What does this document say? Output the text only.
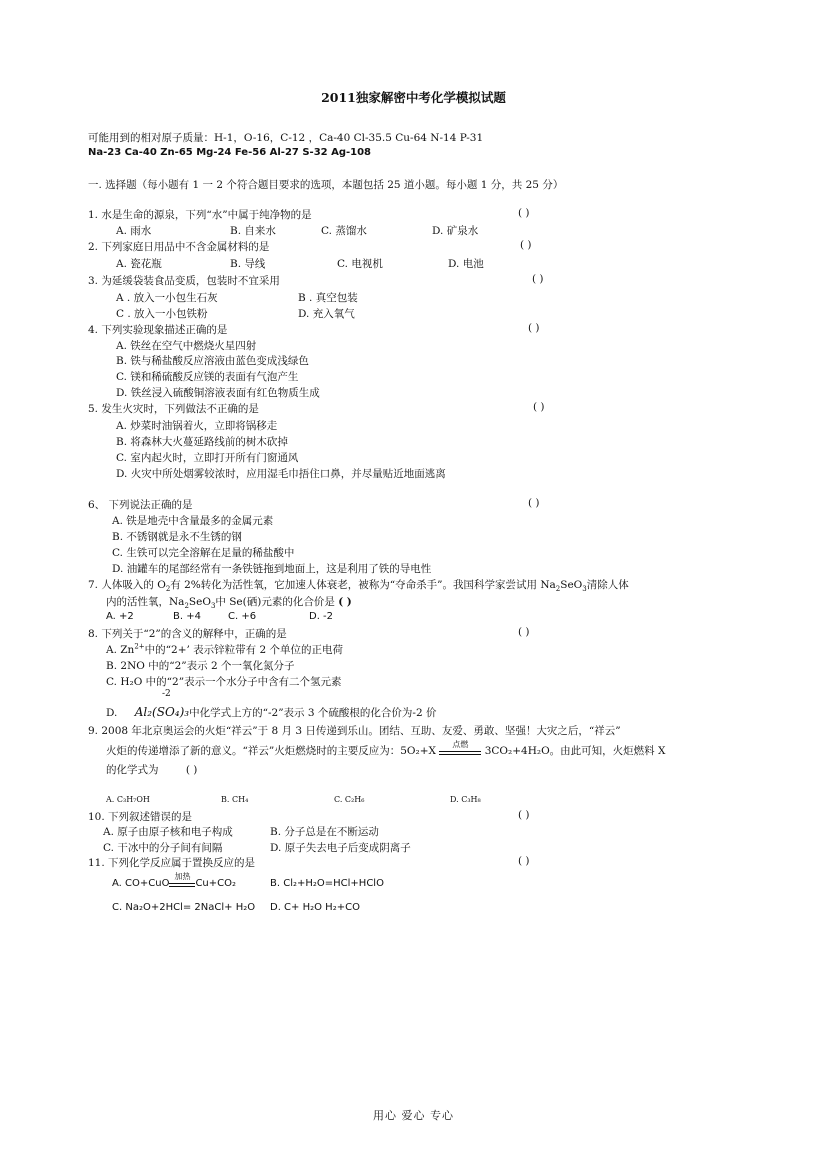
2011独家解密中考化学模拟试题
可能用到的相对原子质量：H-1，O-16，C-12 ，Ca-40 Cl-35.5 Cu-64 N-14 P-31
Na-23 Ca-40 Zn-65 Mg-24 Fe-56 Al-27 S-32 Ag-108
一. 选择题（每小题有 1 一 2 个符合题目要求的选项，本题包括 25 道小题。每小题 1 分，共 25 分）
1. 水是生命的源泉，下列“水”中属于纯净物的是	( )
A. 雨水	B. 自来水	C. 蒸馏水	D. 矿泉水
2. 下列家庭日用品中不含金属材料的是	( )
A. 瓷花瓶	B. 导线	C. 电视机	D. 电池
3. 为延缓袋装食品变质，包装时不宜采用	( )
A . 放入一小包生石灰	B . 真空包装
C . 放入一小包铁粉	D. 充入氧气
4. 下列实验现象描述正确的是	( )
A. 铁丝在空气中燃烧火星四射
B. 铁与稀盐酸反应溶液由蓝色变成浅绿色
C. 镁和稀硫酸反应镁的表面有气泡产生
D. 铁丝浸入硫酸铜溶液表面有红色物质生成
5. 发生火灾时，下列做法不正确的是	( )
A. 炒菜时油锅着火，立即将锅移走
B. 将森林大火蔓延路线前的树木砍掉
C. 室内起火时，立即打开所有门窗通风
D. 火灾中所处烟雾较浓时，应用湿毛巾捂住口鼻，并尽量贴近地面逃离
6、 下列说法正确的是	( )
A. 铁是地壳中含量最多的金属元素
B. 不锈钢就是永不生锈的钢
C. 生铁可以完全溶解在足量的稀盐酸中
D. 油罐车的尾部经常有一条铁链拖到地面上，这是利用了铁的导电性
7. 人体吸入的 $O_2$有 2%转化为活性氧，它加速人体衰老，被称为“夺命杀手”。我国科学家尝试用 $Na_2SeO_3$清除人体
内的活性氧，$Na_2SeO_3$中 Se(硒)元素的化合价是 ( )
A. +2	B. +4	C. +6	D. -2
8. 下列关于“2”的含义的解释中，正确的是	( )
A. $Zn^{2+}$中的“2+’ 表示锌粒带有 2 个单位的正电荷
B. 2NO 中的“2”表示 2 个一氧化氮分子
C. H₂O 中的“2”表示一个水分子中含有二个氢元素
-2
D. Al₂(SO₄)₃中化学式上方的“-2”表示 3 个硫酸根的化合价为-2 价
9. 2008 年北京奥运会的火炬“祥云”于 8 月 3 日传递到乐山。团结、互助、友爱、勇敢、坚强！大灾之后，“祥云”
火炬的传递增添了新的意义。“祥云”火炬燃烧时的主要反应为：5O₂+X
点燃
3CO₂+4H₂O。由此可知，火炬燃料 X
的化学式为	( )
A. C₃H₇OH	B. CH₄	C. C₂H₆	D. C₃H₈
10. 下列叙述错误的是	( )
A. 原子由原子核和电子构成	B. 分子总是在不断运动
C. 干冰中的分子间有间隔	D. 原子失去电子后变成阴离子
11. 下列化学反应属于置换反应的是	( )
A. CO+CuO
加热
Cu+CO₂	B. Cl₂+H₂O=HCl+HClO
C. Na₂O+2HCl= 2NaCl+ H₂O D. C+ H₂O H₂+CO
用心 爱心 专心
